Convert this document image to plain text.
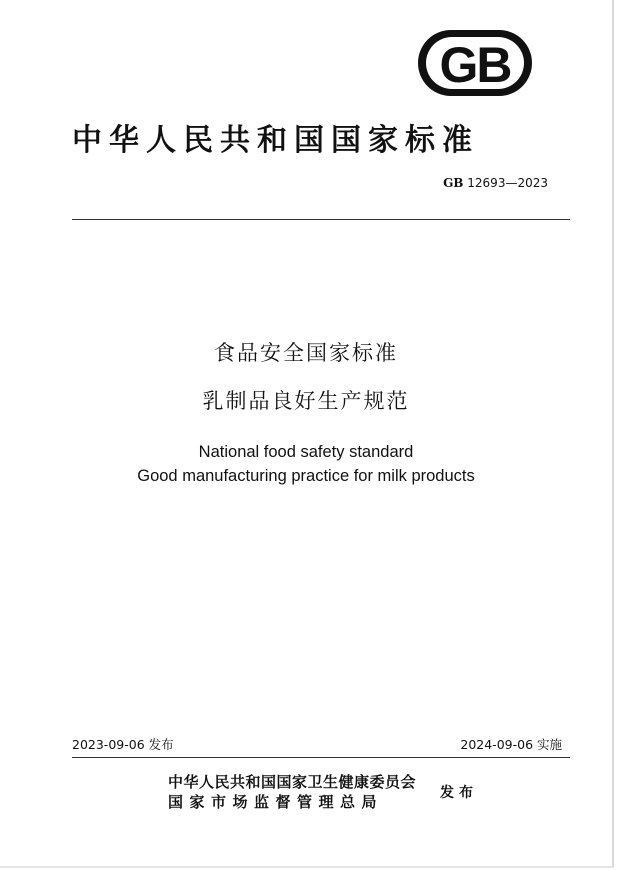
GB
中华人民共和国国家标准
GB 12693—2023
食品安全国家标准
乳制品良好生产规范
National food safety standard
Good manufacturing practice for milk products
2023-09-06 发布	2024-09-06 实施
中华人民共和国国家卫生健康委员会
国家市场监督管理总局	发布
